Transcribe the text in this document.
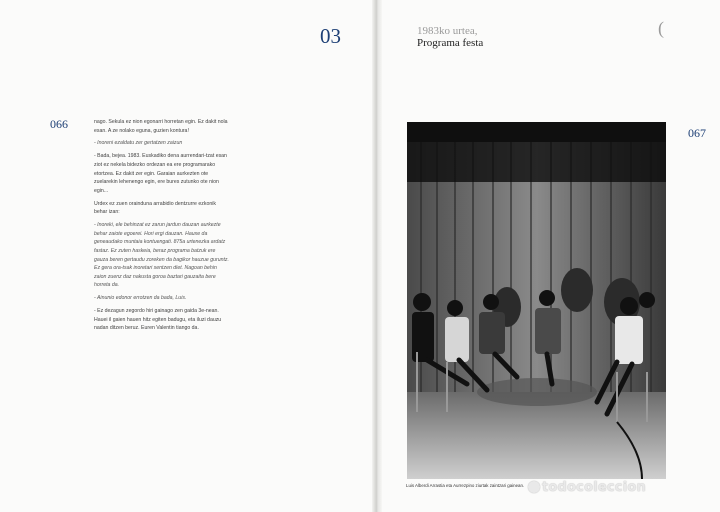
03
066	nago. Sekula ez nion egonarri horretan egin. Ez dakit nola esan. A ze nolako eguna, guzien kontura!

- Inoreni ezaldatu zer gertatzen zaizun

- Bada, bejea. 1983. Euskadiko dena aurrendari-tzat esan ziot ez nekela bidezko ordezan ea ere programarako etortzea. Ez dakit zer egin. Garaian aurkezten ote zuelarekin lehenengo egin, ere bures zutunko ote nion egin...

Urdex ez zuen orainduna arrabidio dentzurre ezkonik behar izan:

- Inoreki, ele behinzat ez zarun jardun dauzan aurkezte behar zaiote egoerei. Hori ergi dauzan. Hauxe da geneaudako muntaia kontuengati. 875a urtenezka ardatz fastaz. Ez zuten haskeia, beraz programa batzuk ere gauza beren gertaudu zoreken da bagikor hauzue guruntz. Ez gera ora-tsak inoretari sentzen diet. Nagoan behin zaion zuenz daz nakusta goroa baztari gauzaita bere horreta da.

- Ainunio edonor errotzen da bada, Luis.

- Ez dezagun zegordo hiri gainago zen gaida 3e-nean. Hauei il gaien hauen hitz egiten badugu, eta iluzi dauzu nadan ditzen beruz. Euren Valentin tiango da.

1983ko urtea,
Programa festa
(
067
Luis Alberdi Arrastia eta Aurrezpino ziurtak zaintzari gainean.	todocoleccion
